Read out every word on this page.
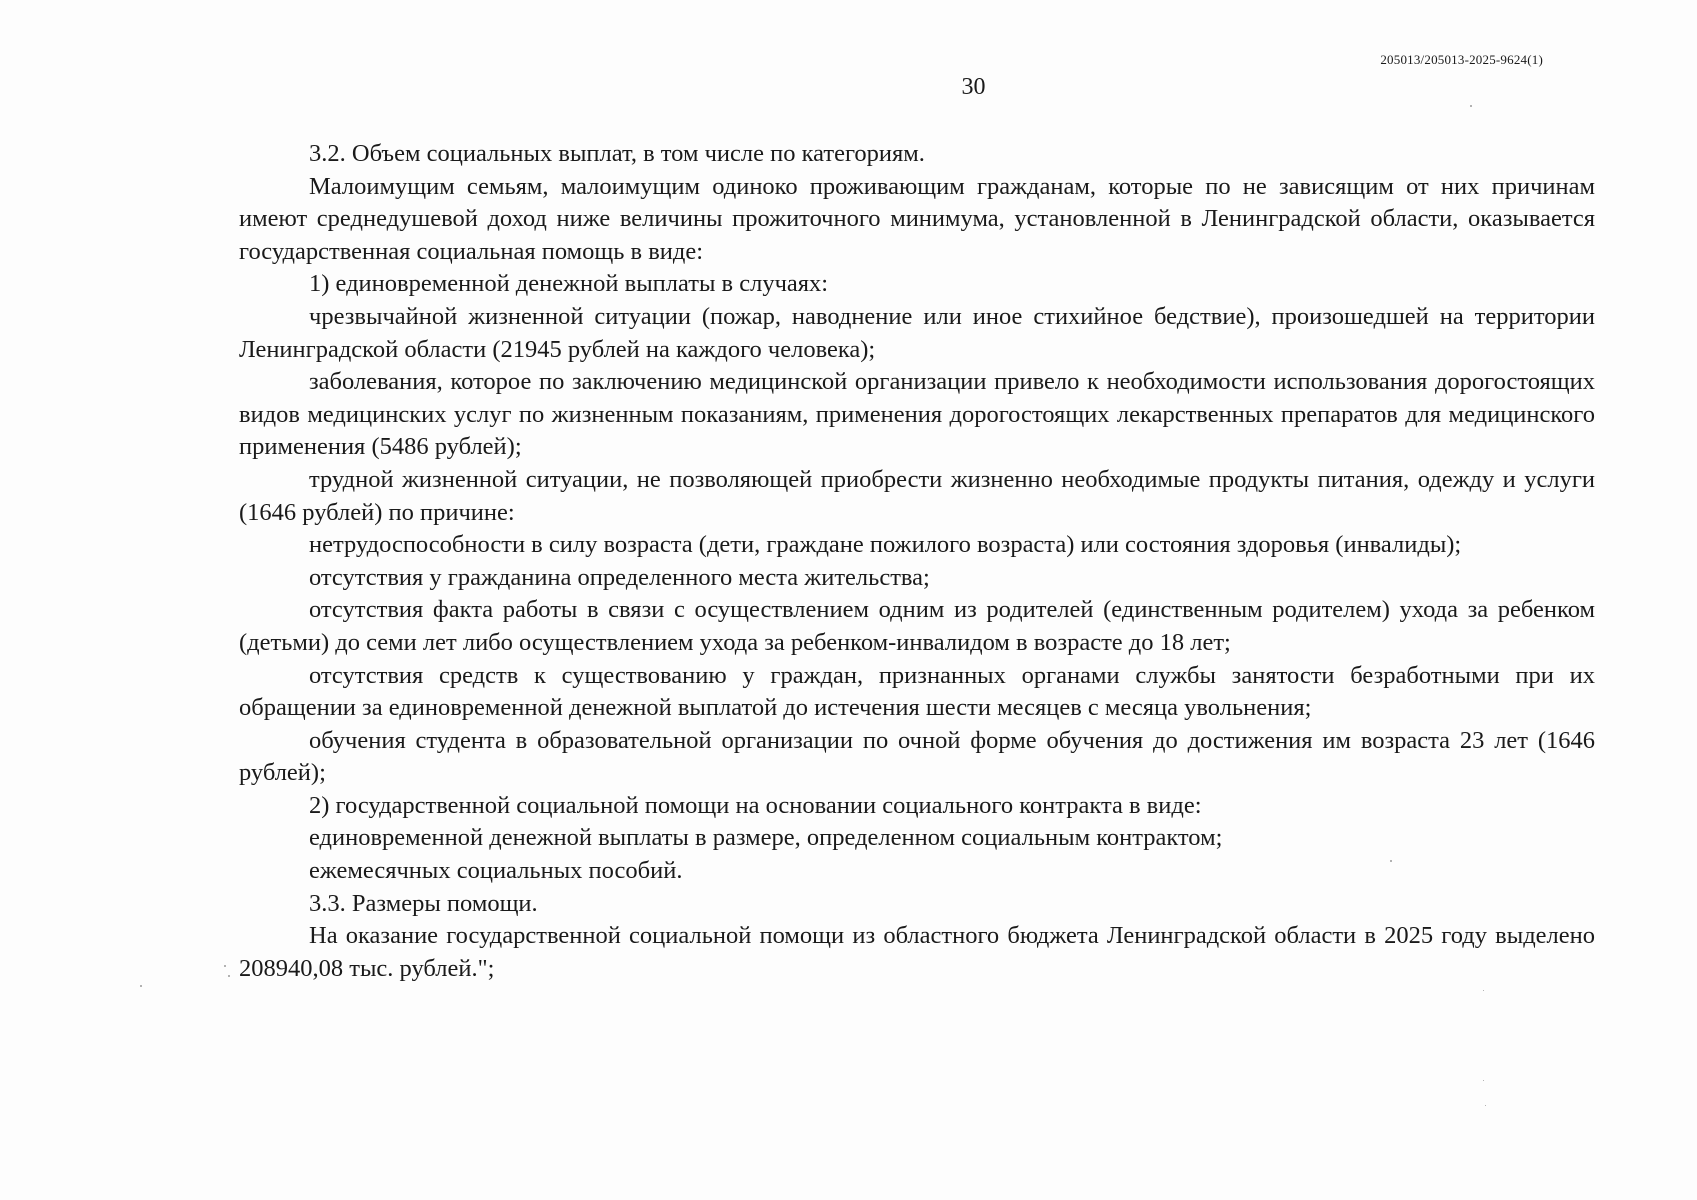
205013/205013-2025-9624(1)
30

3.2. Объем социальных выплат, в том числе по категориям.

Малоимущим семьям, малоимущим одиноко проживающим гражданам, которые по не зависящим от них причинам имеют среднедушевой доход ниже величины прожиточного минимума, установленной в Ленинградской области, оказывается государственная социальная помощь в виде:

1) единовременной денежной выплаты в случаях:

чрезвычайной жизненной ситуации (пожар, наводнение или иное стихийное бедствие), произошедшей на территории Ленинградской области (21945 рублей на каждого человека);

заболевания, которое по заключению медицинской организации привело к необходимости использования дорогостоящих видов медицинских услуг по жизненным показаниям, применения дорогостоящих лекарственных препаратов для медицинского применения (5486 рублей);

трудной жизненной ситуации, не позволяющей приобрести жизненно необходимые продукты питания, одежду и услуги (1646 рублей) по причине:

нетрудоспособности в силу возраста (дети, граждане пожилого возраста) или состояния здоровья (инвалиды);

отсутствия у гражданина определенного места жительства;

отсутствия факта работы в связи с осуществлением одним из родителей (единственным родителем) ухода за ребенком (детьми) до семи лет либо осуществлением ухода за ребенком-инвалидом в возрасте до 18 лет;

отсутствия средств к существованию у граждан, признанных органами службы занятости безработными при их обращении за единовременной денежной выплатой до истечения шести месяцев с месяца увольнения;

обучения студента в образовательной организации по очной форме обучения до достижения им возраста 23 лет (1646 рублей);

2) государственной социальной помощи на основании социального контракта в виде:

единовременной денежной выплаты в размере, определенном социальным контрактом;

ежемесячных социальных пособий.

3.3. Размеры помощи.

На оказание государственной социальной помощи из областного бюджета Ленинградской области в 2025 году выделено 208940,08 тыс. рублей.";
